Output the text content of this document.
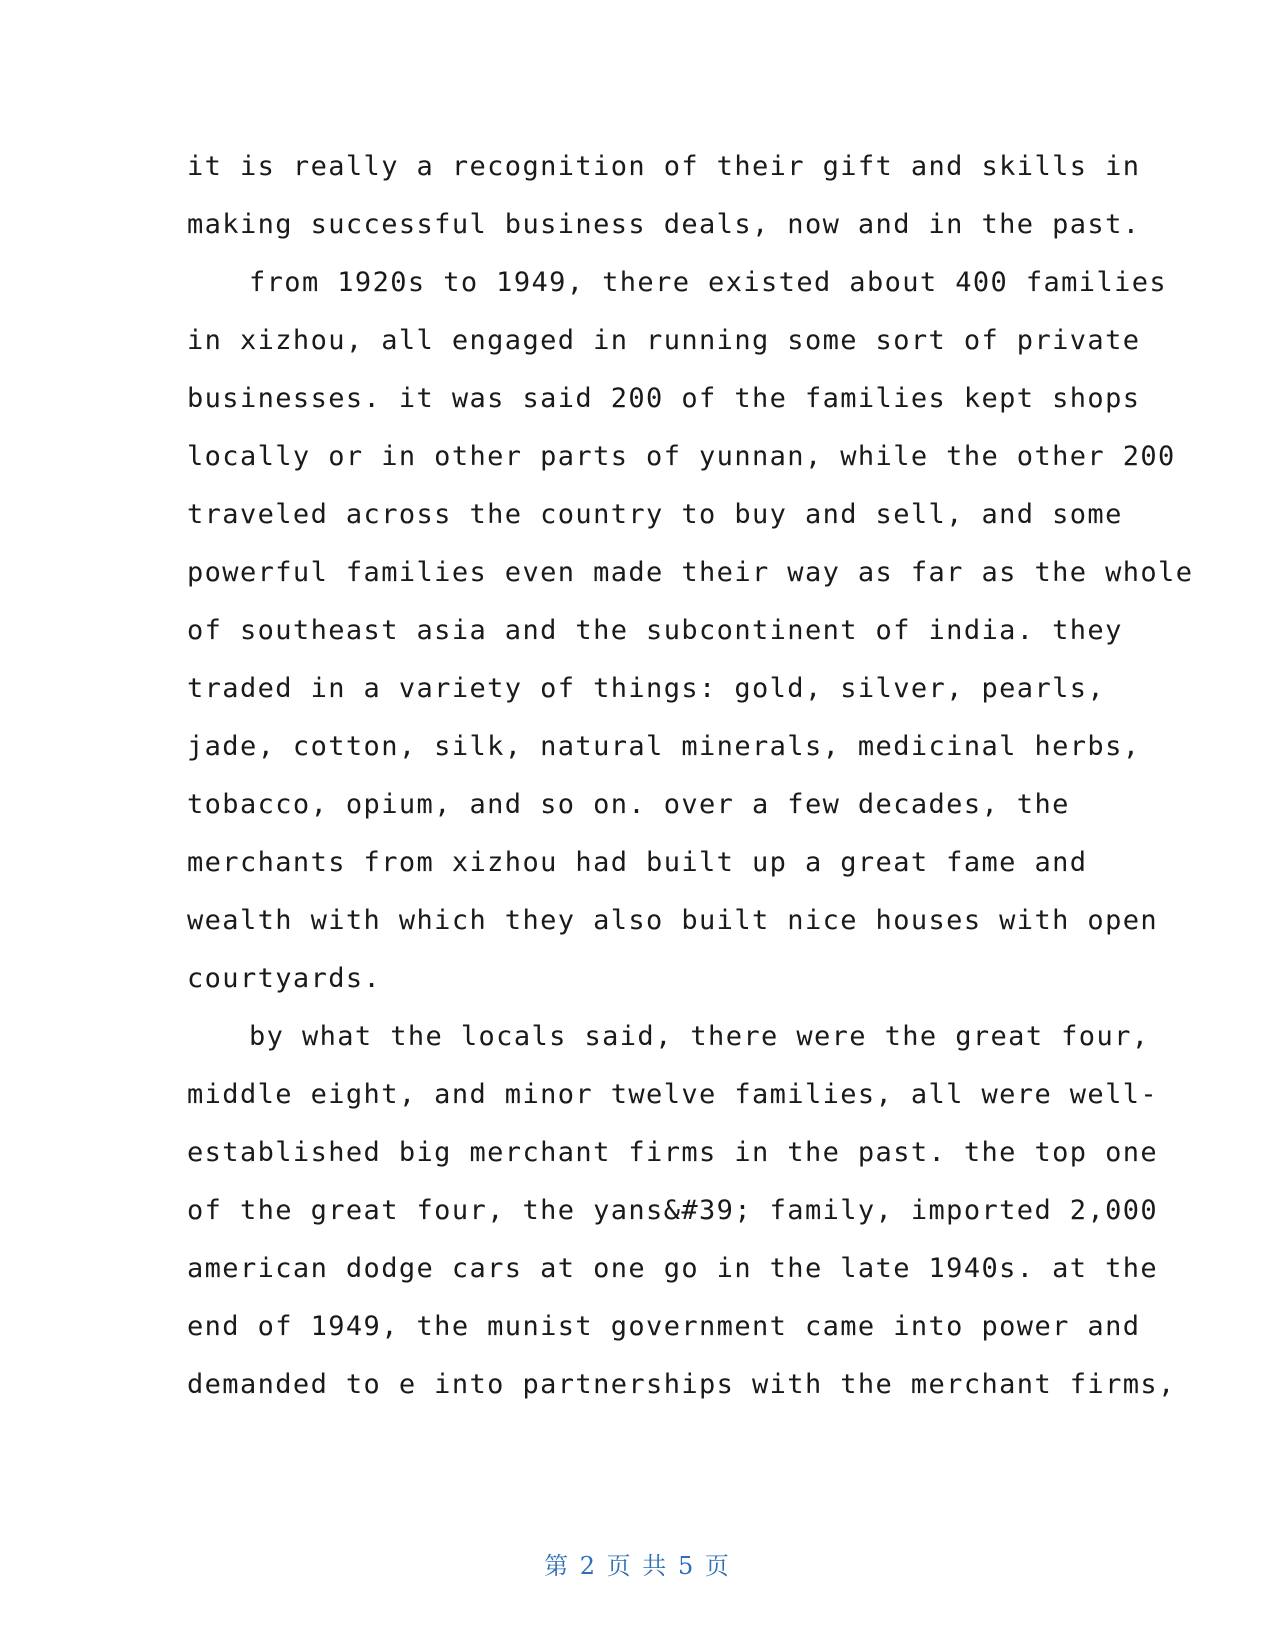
it is really a recognition of their gift and skills in
making successful business deals, now and in the past.
from 1920s to 1949, there existed about 400 families
in xizhou, all engaged in running some sort of private
businesses. it was said 200 of the families kept shops
locally or in other parts of yunnan, while the other 200
traveled across the country to buy and sell, and some
powerful families even made their way as far as the whole
of southeast asia and the subcontinent of india. they
traded in a variety of things: gold, silver, pearls,
jade, cotton, silk, natural minerals, medicinal herbs,
tobacco, opium, and so on. over a few decades, the
merchants from xizhou had built up a great fame and
wealth with which they also built nice houses with open
courtyards.
by what the locals said, there were the great four,
middle eight, and minor twelve families, all were well-
established big merchant firms in the past. the top one
of the great four, the yans&#39; family, imported 2,000
american dodge cars at one go in the late 1940s. at the
end of 1949, the munist government came into power and
demanded to e into partnerships with the merchant firms,
第 2 页 共 5 页
